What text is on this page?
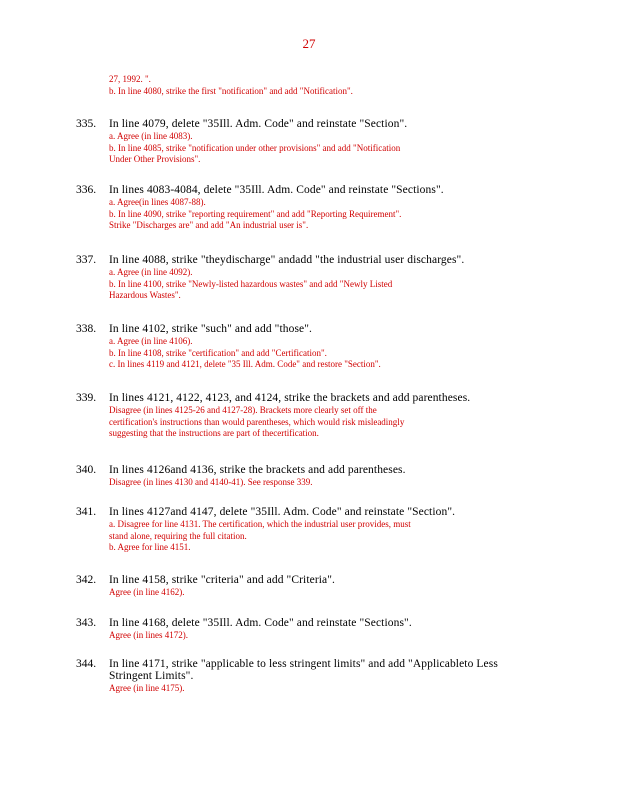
27
27, 1992. ".
b. In line 4080, strike the first "notification" and add "Notification".
335. In line 4079, delete "35Ill. Adm. Code" and reinstate "Section".
a. Agree (in line 4083).
b. In line 4085, strike "notification under other provisions" and add "Notification
Under Other Provisions".
336. In lines 4083-4084, delete "35Ill. Adm. Code" and reinstate "Sections".
a. Agree(in lines 4087-88).
b. In line 4090, strike "reporting requirement" and add "Reporting Requirement".
Strike "Discharges are" and add "An industrial user is".
337. In line 4088, strike "theydischarge" andadd "the industrial user discharges".
a. Agree (in line 4092).
b. In line 4100, strike "Newly-listed hazardous wastes" and add "Newly Listed
Hazardous Wastes".
338. In line 4102, strike "such" and add "those".
a. Agree (in line 4106).
b. In line 4108, strike "certification" and add "Certification".
c. In lines 4119 and 4121, delete "35 Ill. Adm. Code" and restore "Section".
339. In lines 4121, 4122, 4123, and 4124, strike the brackets and add parentheses.
Disagree (in lines 4125-26 and 4127-28). Brackets more clearly set off the
certification's instructions than would parentheses, which would risk misleadingly
suggesting that the instructions are part of thecertification.
340. In lines 4126and 4136, strike the brackets and add parentheses.
Disagree (in lines 4130 and 4140-41). See response 339.
341. In lines 4127and 4147, delete "35Ill. Adm. Code" and reinstate "Section".
a. Disagree for line 4131. The certification, which the industrial user provides, must
stand alone, requiring the full citation.
b. Agree for line 4151.
342. In line 4158, strike "criteria" and add "Criteria".
Agree (in line 4162).
343. In line 4168, delete "35Ill. Adm. Code" and reinstate "Sections".
Agree (in lines 4172).
344. In line 4171, strike "applicable to less stringent limits" and add "Applicableto Less
Stringent Limits".
Agree (in line 4175).
